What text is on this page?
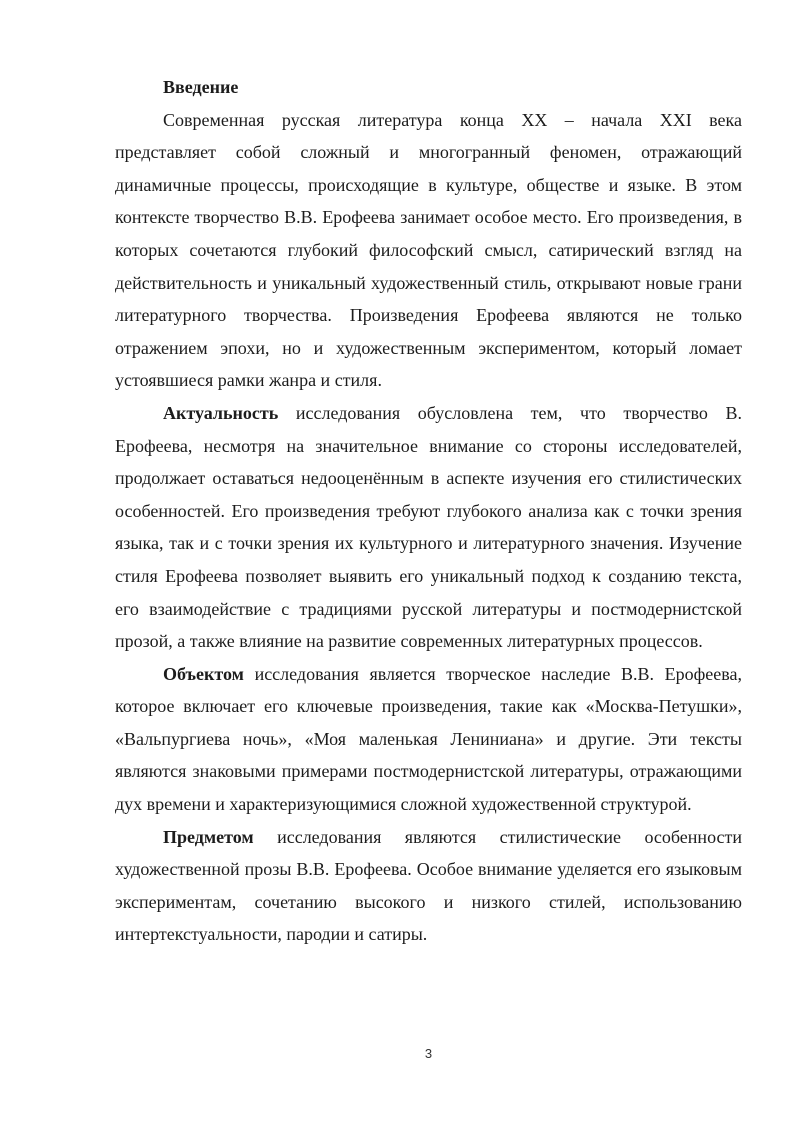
Введение

Современная русская литература конца XX – начала XXI века представляет собой сложный и многогранный феномен, отражающий динамичные процессы, происходящие в культуре, обществе и языке. В этом контексте творчество В.В. Ерофеева занимает особое место. Его произведения, в которых сочетаются глубокий философский смысл, сатирический взгляд на действительность и уникальный художественный стиль, открывают новые грани литературного творчества. Произведения Ерофеева являются не только отражением эпохи, но и художественным экспериментом, который ломает устоявшиеся рамки жанра и стиля.

Актуальность исследования обусловлена тем, что творчество В. Ерофеева, несмотря на значительное внимание со стороны исследователей, продолжает оставаться недооценённым в аспекте изучения его стилистических особенностей. Его произведения требуют глубокого анализа как с точки зрения языка, так и с точки зрения их культурного и литературного значения. Изучение стиля Ерофеева позволяет выявить его уникальный подход к созданию текста, его взаимодействие с традициями русской литературы и постмодернистской прозой, а также влияние на развитие современных литературных процессов.

Объектом исследования является творческое наследие В.В. Ерофеева, которое включает его ключевые произведения, такие как «Москва-Петушки», «Вальпургиева ночь», «Моя маленькая Лениниана» и другие. Эти тексты являются знаковыми примерами постмодернистской литературы, отражающими дух времени и характеризующимися сложной художественной структурой.

Предметом исследования являются стилистические особенности художественной прозы В.В. Ерофеева. Особое внимание уделяется его языковым экспериментам, сочетанию высокого и низкого стилей, использованию интертекстуальности, пародии и сатиры.

3
